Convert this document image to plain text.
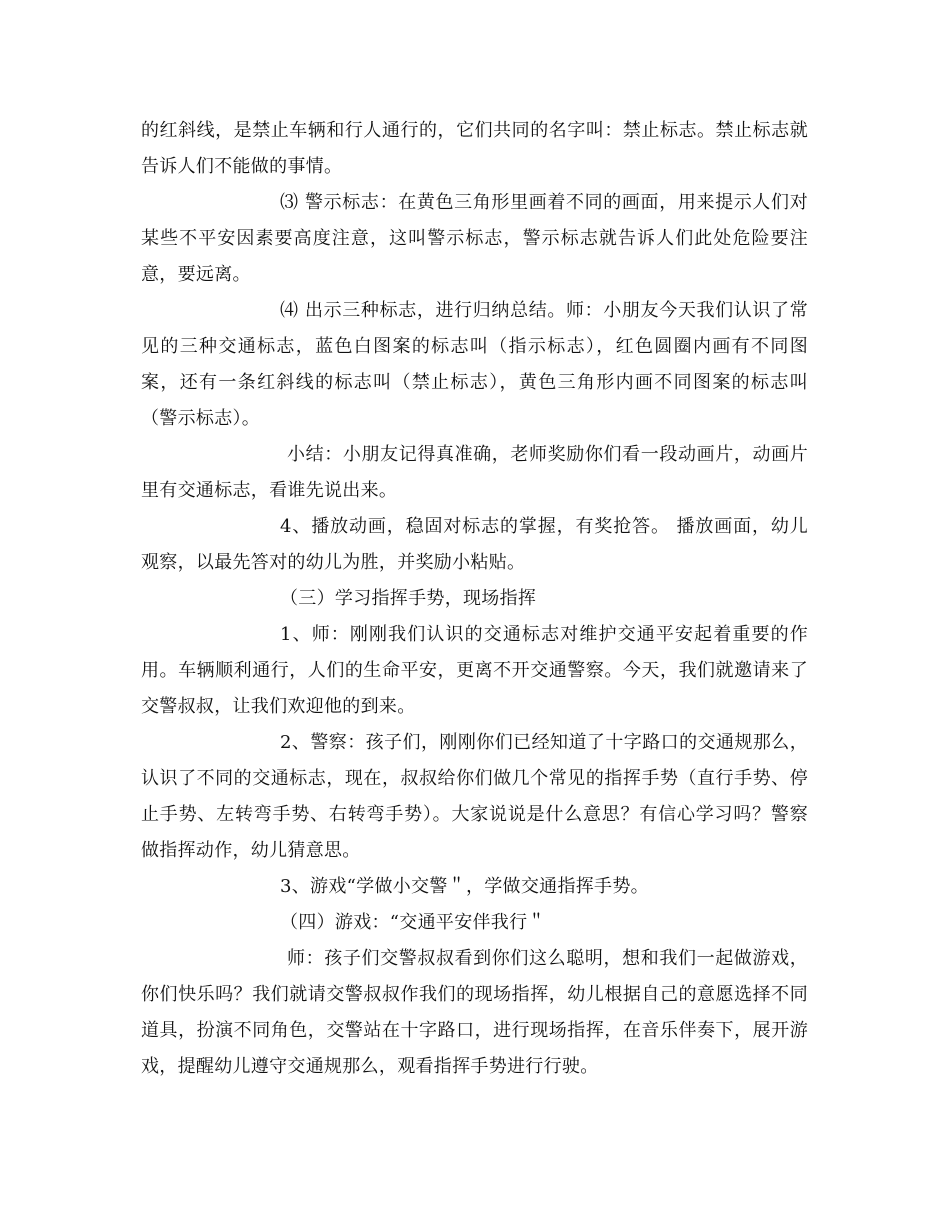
的红斜线，是禁止车辆和行人通行的，它们共同的名字叫：禁止标志。禁止标志就告诉人们不能做的事情。

⑶ 警示标志：在黄色三角形里画着不同的画面，用来提示人们对某些不平安因素要高度注意，这叫警示标志，警示标志就告诉人们此处危险要注意，要远离。

⑷ 出示三种标志，进行归纳总结。师：小朋友今天我们认识了常见的三种交通标志，蓝色白图案的标志叫（指示标志），红色圆圈内画有不同图案，还有一条红斜线的标志叫（禁止标志），黄色三角形内画不同图案的标志叫（警示标志）。

小结：小朋友记得真准确，老师奖励你们看一段动画片，动画片里有交通标志，看谁先说出来。

4、播放动画，稳固对标志的掌握，有奖抢答。 播放画面，幼儿观察，以最先答对的幼儿为胜，并奖励小粘贴。

（三）学习指挥手势，现场指挥

1、师：刚刚我们认识的交通标志对维护交通平安起着重要的作用。车辆顺利通行，人们的生命平安，更离不开交通警察。今天，我们就邀请来了交警叔叔，让我们欢迎他的到来。

2、警察：孩子们，刚刚你们已经知道了十字路口的交通规那么，认识了不同的交通标志，现在，叔叔给你们做几个常见的指挥手势（直行手势、停止手势、左转弯手势、右转弯手势）。大家说说是什么意思？有信心学习吗？警察做指挥动作，幼儿猜意思。

3、游戏“学做小交警＂，学做交通指挥手势。

（四）游戏：“交通平安伴我行＂

师：孩子们交警叔叔看到你们这么聪明，想和我们一起做游戏，你们快乐吗？我们就请交警叔叔作我们的现场指挥，幼儿根据自己的意愿选择不同道具，扮演不同角色，交警站在十字路口，进行现场指挥，在音乐伴奏下，展开游戏，提醒幼儿遵守交通规那么，观看指挥手势进行行驶。
